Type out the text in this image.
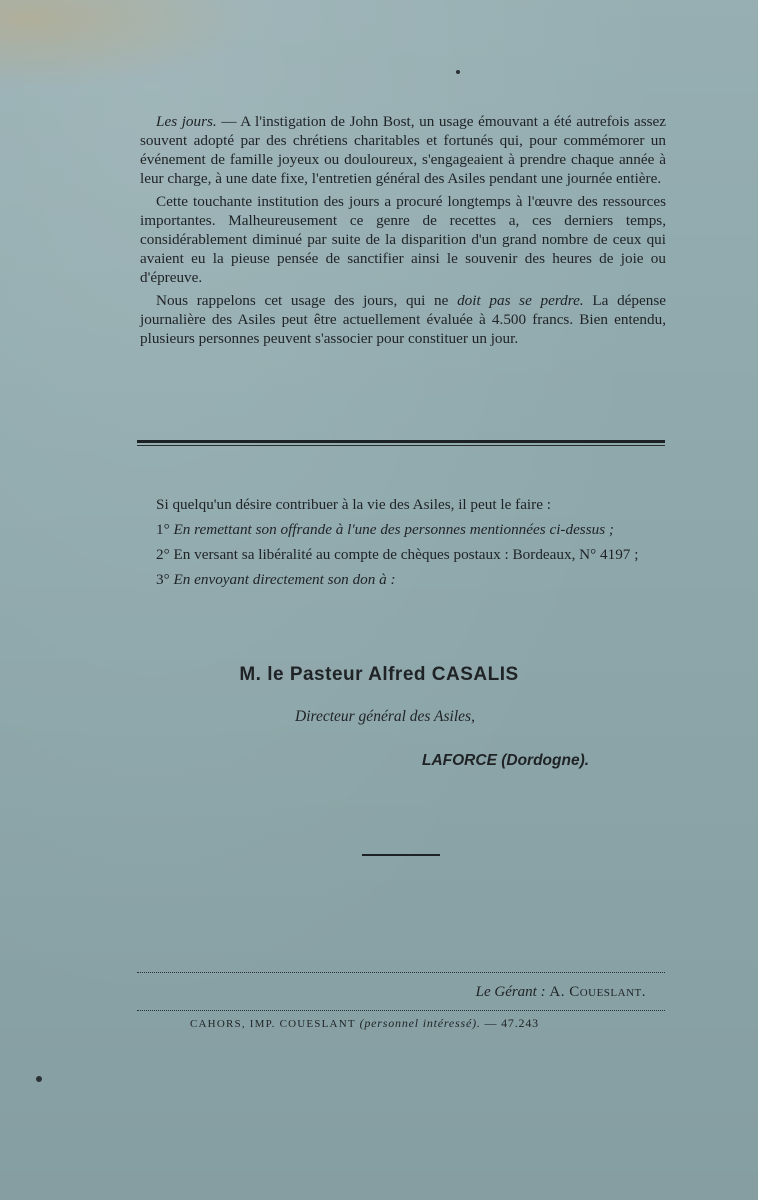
Les jours. — A l'instigation de John Bost, un usage émouvant a été autrefois assez souvent adopté par des chrétiens charitables et fortunés qui, pour commémorer un événement de famille joyeux ou douloureux, s'engageaient à prendre chaque année à leur charge, à une date fixe, l'entretien général des Asiles pendant une journée entière.

Cette touchante institution des jours a procuré longtemps à l'œuvre des ressources importantes. Malheureusement ce genre de recettes a, ces derniers temps, considérablement diminué par suite de la disparition d'un grand nombre de ceux qui avaient eu la pieuse pensée de sanctifier ainsi le souvenir des heures de joie ou d'épreuve.

Nous rappelons cet usage des jours, qui ne doit pas se perdre. La dépense journalière des Asiles peut être actuellement évaluée à 4.500 francs. Bien entendu, plusieurs personnes peuvent s'associer pour constituer un jour.

Si quelqu'un désire contribuer à la vie des Asiles, il peut le faire :

1° En remettant son offrande à l'une des personnes mentionnées ci-dessus ;

2° En versant sa libéralité au compte de chèques postaux : Bordeaux, N° 4197 ;

3° En envoyant directement son don à :

M. le Pasteur Alfred CASALIS
Directeur général des Asiles,
LAFORCE (Dordogne).
Le Gérant : A. Coueslant.
CAHORS, IMP. COUESLANT (personnel intéressé). — 47.243
